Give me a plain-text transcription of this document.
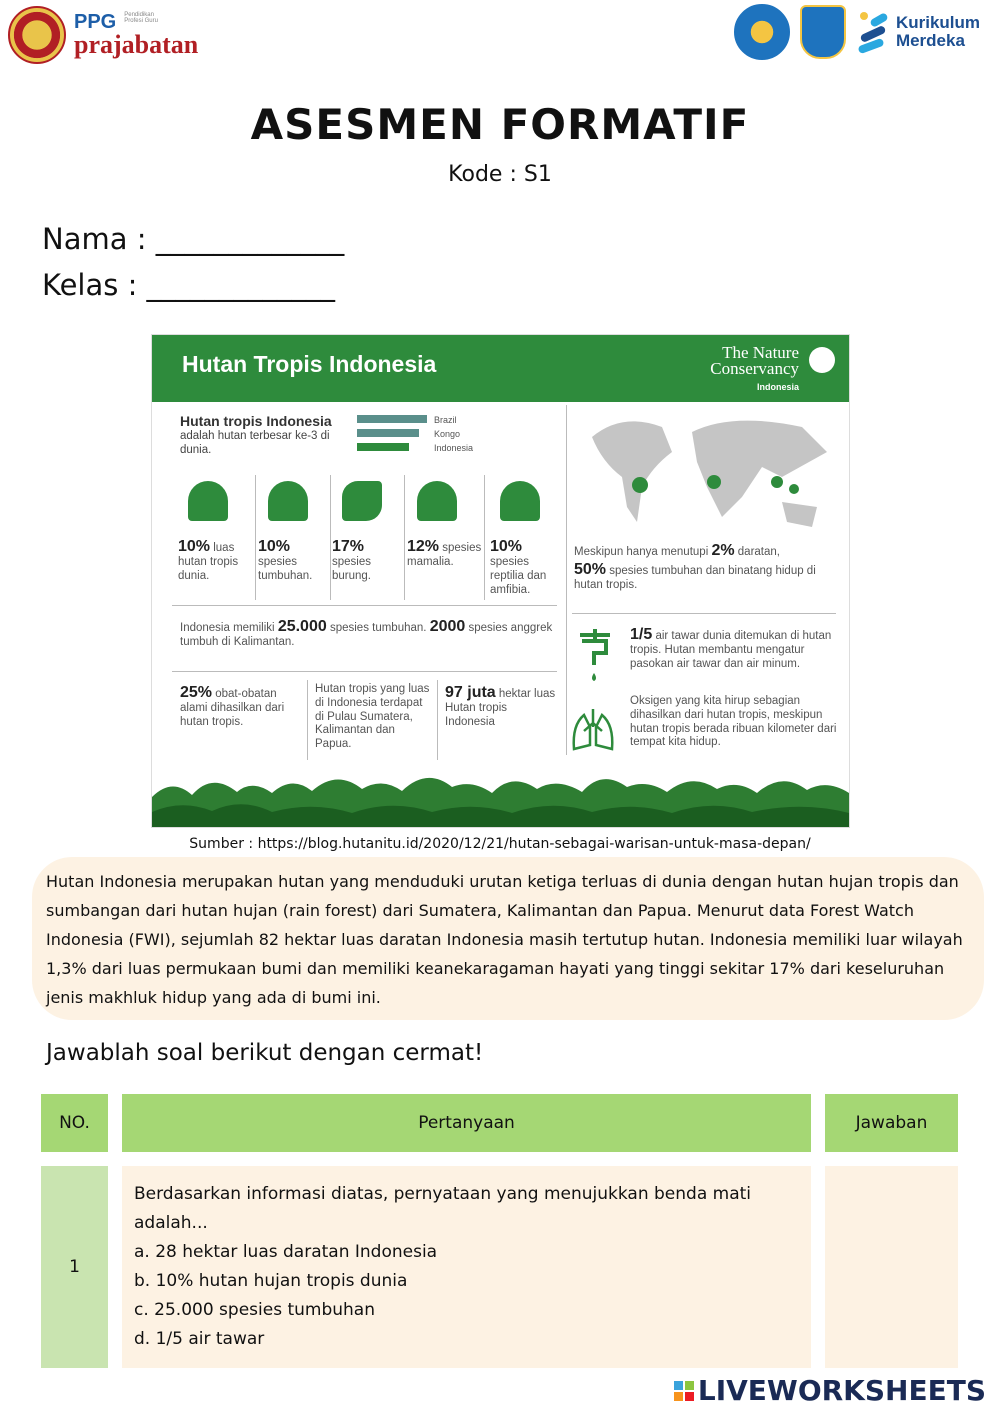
PPG Pendidikan Profesi Guru
prajabatan
Kurikulum
Merdeka
ASESMEN FORMATIF
Kode : S1
Nama : _____________
Kelas : _____________
Hutan Tropis Indonesia	The Nature
Conservancy
Indonesia
Hutan tropis Indonesia
adalah hutan terbesar ke-3 di dunia.
Brazil
Kongo
Indonesia
Meskipun hanya menutupi 2% daratan,
50% spesies tumbuhan dan binatang hidup di hutan tropis.
10% luas hutan tropis dunia.
10% spesies tumbuhan.
17% spesies burung.
12% spesies mamalia.
10% spesies reptilia dan amfibia.
Indonesia memiliki 25.000 spesies tumbuhan. 2000 spesies anggrek tumbuh di Kalimantan.
25% obat-obatan alami dihasilkan dari hutan tropis.
Hutan tropis yang luas di Indonesia terdapat di Pulau Sumatera, Kalimantan dan Papua.
97 juta hektar luas Hutan tropis Indonesia
1/5 air tawar dunia ditemukan di hutan tropis. Hutan membantu mengatur pasokan air tawar dan air minum.
Oksigen yang kita hirup sebagian dihasilkan dari hutan tropis, meskipun hutan tropis berada ribuan kilometer dari tempat kita hidup.
Sumber : https://blog.hutanitu.id/2020/12/21/hutan-sebagai-warisan-untuk-masa-depan/

Hutan Indonesia merupakan hutan yang menduduki urutan ketiga terluas di dunia dengan hutan hujan tropis dan sumbangan dari hutan hujan (rain forest) dari Sumatera, Kalimantan dan Papua. Menurut data Forest Watch Indonesia (FWI), sejumlah 82 hektar luas daratan Indonesia masih tertutup hutan. Indonesia memiliki luar wilayah 1,3% dari luas permukaan bumi dan memiliki keanekaragaman hayati yang tinggi sekitar 17% dari keseluruhan jenis makhluk hidup yang ada di bumi ini.

Jawablah soal berikut dengan cermat!
NO.	Pertanyaan	Jawaban
1
Berdasarkan informasi diatas, pernyataan yang menujukkan benda mati adalah...
a. 28 hektar luas daratan Indonesia
b. 10% hutan hujan tropis dunia
c. 25.000 spesies tumbuhan
d. 1/5 air tawar
LIVEWORKSHEETS
